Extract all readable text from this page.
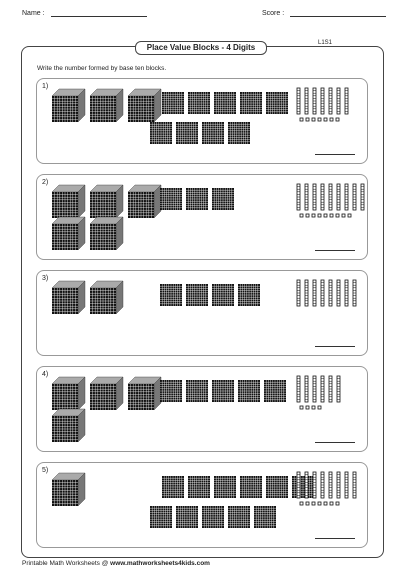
Name :	Score :
Place Value Blocks - 4 Digits	L1S1
Write the number formed by base ten blocks.
1)
2)
3)
4)
5)
Printable Math Worksheets @ www.mathworksheets4kids.com
